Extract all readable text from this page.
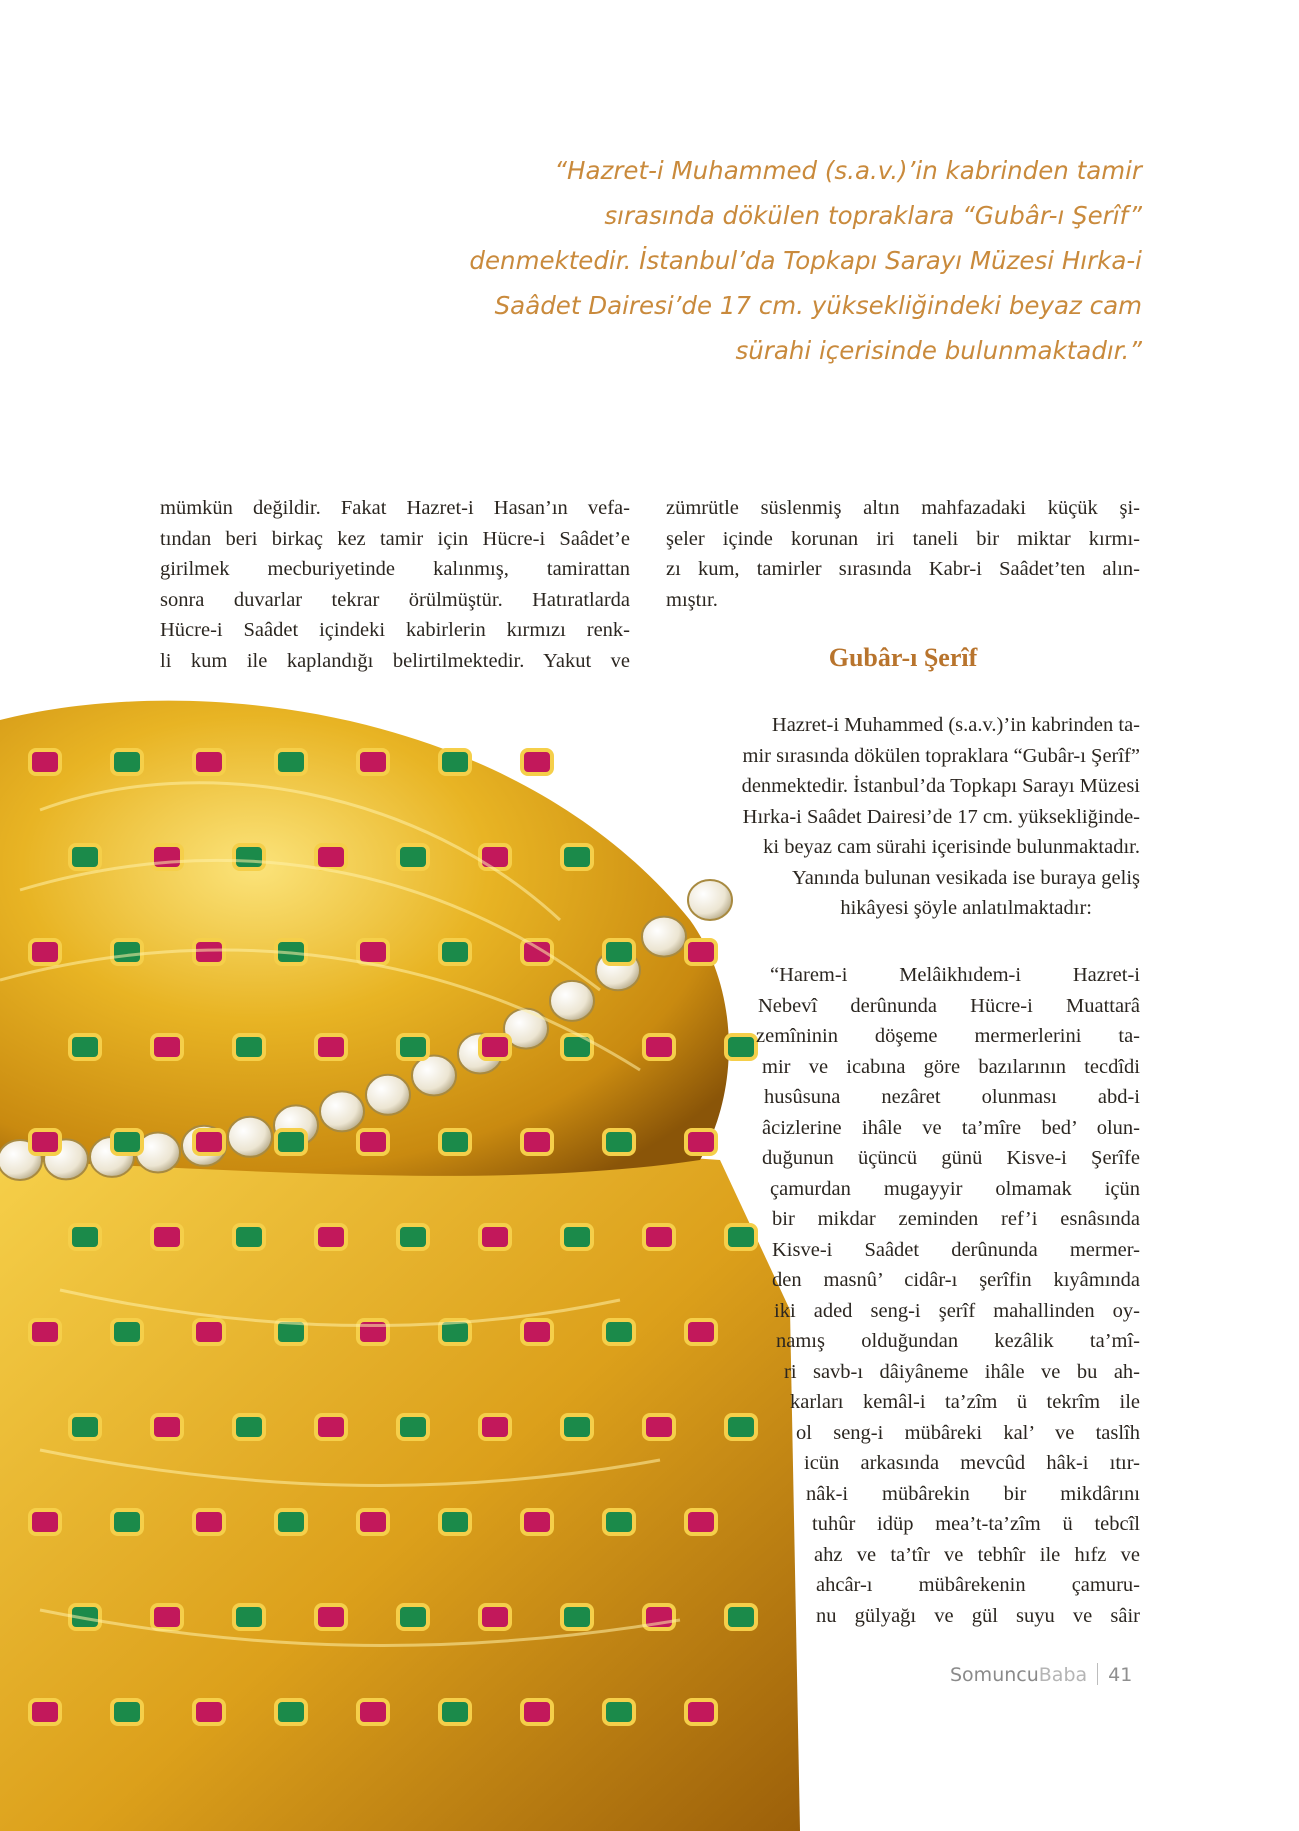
“Hazret-i Muhammed (s.a.v.)’in kabrinden tamir
sırasında dökülen topraklara “Gubâr-ı Şerîf”
denmektedir. İstanbul’da Topkapı Sarayı Müzesi Hırka-i
Saâdet Dairesi’de 17 cm. yüksekliğindeki beyaz cam
sürahi içerisinde bulunmaktadır.”
mümkün değildir. Fakat Hazret-i Hasan’ın vefa-
tından beri birkaç kez tamir için Hücre-i Saâdet’e
girilmek mecburiyetinde kalınmış, tamirattan
sonra duvarlar tekrar örülmüştür. Hatıratlarda
Hücre-i Saâdet içindeki kabirlerin kırmızı renk-
li kum ile kaplandığı belirtilmektedir. Yakut ve
zümrütle süslenmiş altın mahfazadaki küçük şi-
şeler içinde korunan iri taneli bir miktar kırmı-
zı kum, tamirler sırasında Kabr-i Saâdet’ten alın-
mıştır.
Gubâr-ı Şerîf
Hazret-i Muhammed (s.a.v.)’in kabrinden ta-
mir sırasında dökülen topraklara “Gubâr-ı Şerîf”
denmektedir. İstanbul’da Topkapı Sarayı Müzesi
Hırka-i Saâdet Dairesi’de 17 cm. yüksekliğinde-
ki beyaz cam sürahi içerisinde bulunmaktadır.
Yanında bulunan vesikada ise buraya geliş
hikâyesi şöyle anlatılmaktadır:
“Harem-i Melâikhıdem-i Hazret-i
Nebevî derûnunda Hücre-i Muattarâ
zemîninin döşeme mermerlerini ta-
mir ve icabına göre bazılarının tecdîdi
husûsuna nezâret olunması abd-i
âcizlerine ihâle ve ta’mîre bed’ olun-
duğunun üçüncü günü Kisve-i Şerîfe
çamurdan mugayyir olmamak içün
bir mikdar zeminden ref’i esnâsında
Kisve-i Saâdet derûnunda mermer-
den masnû’ cidâr-ı şerîfin kıyâmında
iki aded seng-i şerîf mahallinden oy-
namış olduğundan kezâlik ta’mî-
ri savb-ı dâiyâneme ihâle ve bu ah-
karları kemâl-i ta’zîm ü tekrîm ile
ol seng-i mübâreki kal’ ve taslîh
icün arkasında mevcûd hâk-i ıtır-
nâk-i mübârekin bir mikdârını
tuhûr idüp mea’t-ta’zîm ü tebcîl
ahz ve ta’tîr ve tebhîr ile hıfz ve
ahcâr-ı mübârekenin çamuru-
nu gülyağı ve gül suyu ve sâir
SomuncuBaba 41
